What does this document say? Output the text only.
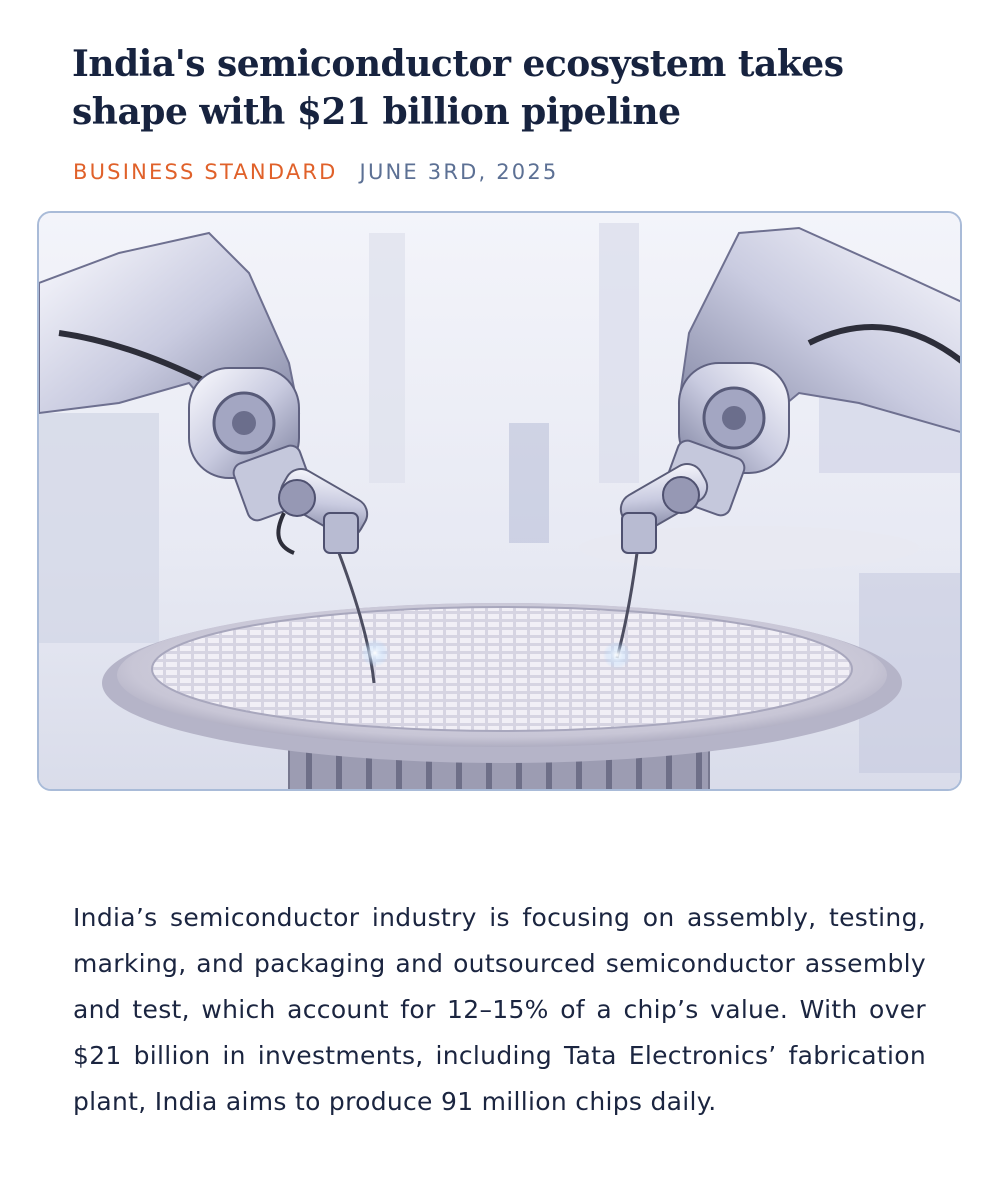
India's semiconductor ecosystem takes shape with $21 billion pipeline
BUSINESS STANDARD JUNE 3RD, 2025

India’s semiconductor industry is focusing on assembly, testing, marking, and packaging and outsourced semiconductor assembly and test, which account for 12–15% of a chip’s value. With over $21 billion in investments, including Tata Electronics’ fabrication plant, India aims to produce 91 million chips daily.
